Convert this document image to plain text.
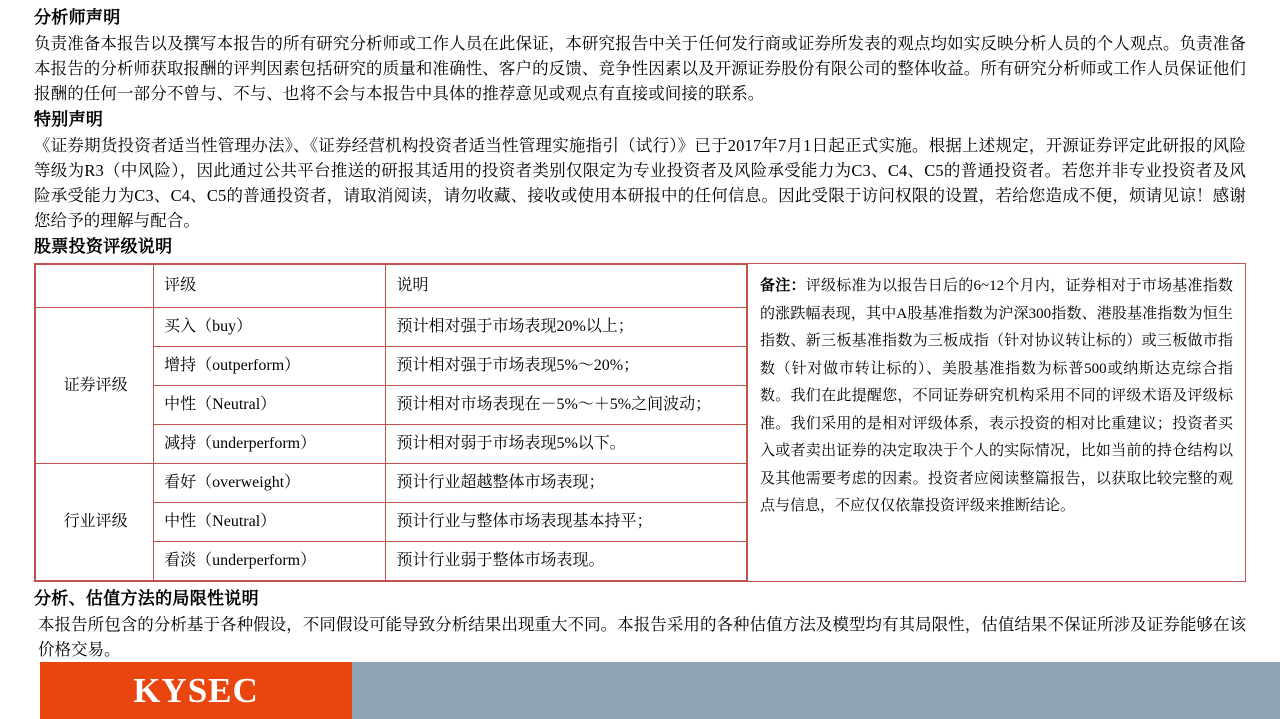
分析师声明

负责准备本报告以及撰写本报告的所有研究分析师或工作人员在此保证，本研究报告中关于任何发行商或证券所发表的观点均如实反映分析人员的个人观点。负责准备本报告的分析师获取报酬的评判因素包括研究的质量和准确性、客户的反馈、竞争性因素以及开源证券股份有限公司的整体收益。所有研究分析师或工作人员保证他们报酬的任何一部分不曾与、不与、也将不会与本报告中具体的推荐意见或观点有直接或间接的联系。

特别声明

《证券期货投资者适当性管理办法》、《证券经营机构投资者适当性管理实施指引（试行）》已于2017年7月1日起正式实施。根据上述规定，开源证券评定此研报的风险等级为R3（中风险），因此通过公共平台推送的研报其适用的投资者类别仅限定为专业投资者及风险承受能力为C3、C4、C5的普通投资者。若您并非专业投资者及风险承受能力为C3、C4、C5的普通投资者，请取消阅读，请勿收藏、接收或使用本研报中的任何信息。因此受限于访问权限的设置，若给您造成不便，烦请见谅！感谢您给予的理解与配合。

股票投资评级说明
	评级	说明
证券评级	买入（buy）	预计相对强于市场表现20%以上；
	增持（outperform）	预计相对强于市场表现5%～20%；
	中性（Neutral）	预计相对市场表现在－5%～＋5%之间波动；
	减持（underperform）	预计相对弱于市场表现5%以下。
行业评级	看好（overweight）	预计行业超越整体市场表现；
	中性（Neutral）	预计行业与整体市场表现基本持平；
	看淡（underperform）	预计行业弱于整体市场表现。
备注：评级标准为以报告日后的6~12个月内，证券相对于市场基准指数的涨跌幅表现，其中A股基准指数为沪深300指数、港股基准指数为恒生指数、新三板基准指数为三板成指（针对协议转让标的）或三板做市指数（针对做市转让标的）、美股基准指数为标普500或纳斯达克综合指数。我们在此提醒您，不同证券研究机构采用不同的评级术语及评级标准。我们采用的是相对评级体系，表示投资的相对比重建议；投资者买入或者卖出证券的决定取决于个人的实际情况，比如当前的持仓结构以及其他需要考虑的因素。投资者应阅读整篇报告，以获取比较完整的观点与信息，不应仅仅依靠投资评级来推断结论。
分析、估值方法的局限性说明

本报告所包含的分析基于各种假设，不同假设可能导致分析结果出现重大不同。本报告采用的各种估值方法及模型均有其局限性，估值结果不保证所涉及证券能够在该价格交易。

KYSEC
